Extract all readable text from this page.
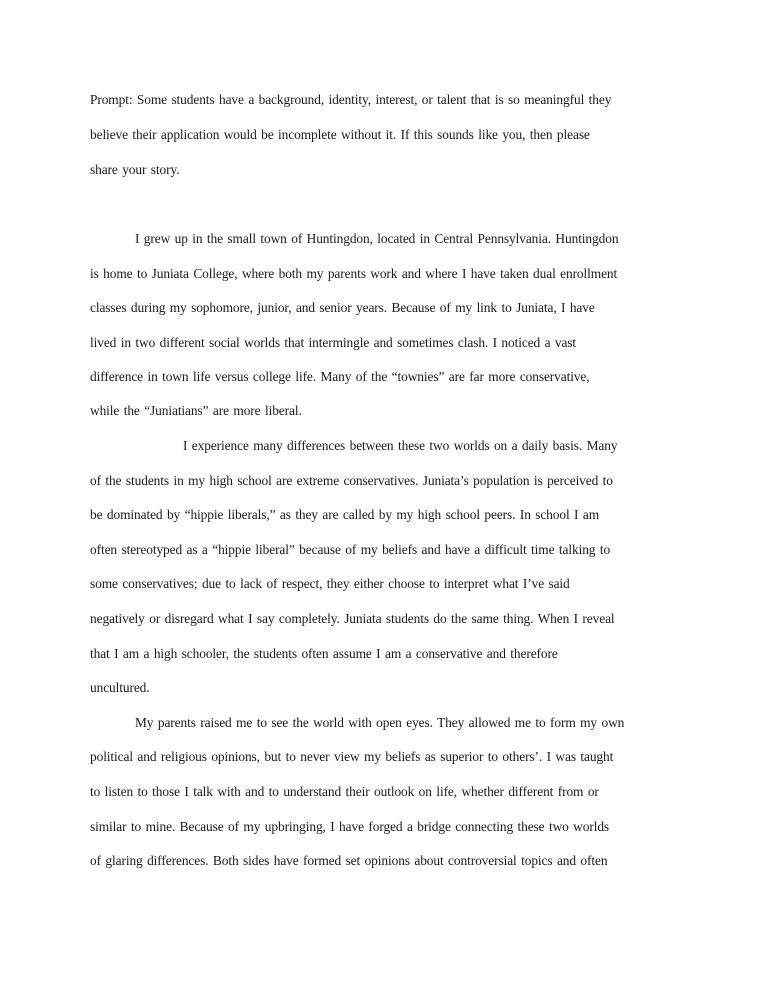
Prompt: Some students have a background, identity, interest, or talent that is so meaningful they
believe their application would be incomplete without it. If this sounds like you, then please
share your story.
I grew up in the small town of Huntingdon, located in Central Pennsylvania. Huntingdon
is home to Juniata College, where both my parents work and where I have taken dual enrollment
classes during my sophomore, junior, and senior years. Because of my link to Juniata, I have
lived in two different social worlds that intermingle and sometimes clash. I noticed a vast
difference in town life versus college life. Many of the “townies” are far more conservative,
while the “Juniatians” are more liberal.
I experience many differences between these two worlds on a daily basis. Many
of the students in my high school are extreme conservatives. Juniata’s population is perceived to
be dominated by “hippie liberals,” as they are called by my high school peers. In school I am
often stereotyped as a “hippie liberal” because of my beliefs and have a difficult time talking to
some conservatives; due to lack of respect, they either choose to interpret what I’ve said
negatively or disregard what I say completely. Juniata students do the same thing. When I reveal
that I am a high schooler, the students often assume I am a conservative and therefore
uncultured.
My parents raised me to see the world with open eyes. They allowed me to form my own
political and religious opinions, but to never view my beliefs as superior to others’. I was taught
to listen to those I talk with and to understand their outlook on life, whether different from or
similar to mine. Because of my upbringing, I have forged a bridge connecting these two worlds
of glaring differences. Both sides have formed set opinions about controversial topics and often
